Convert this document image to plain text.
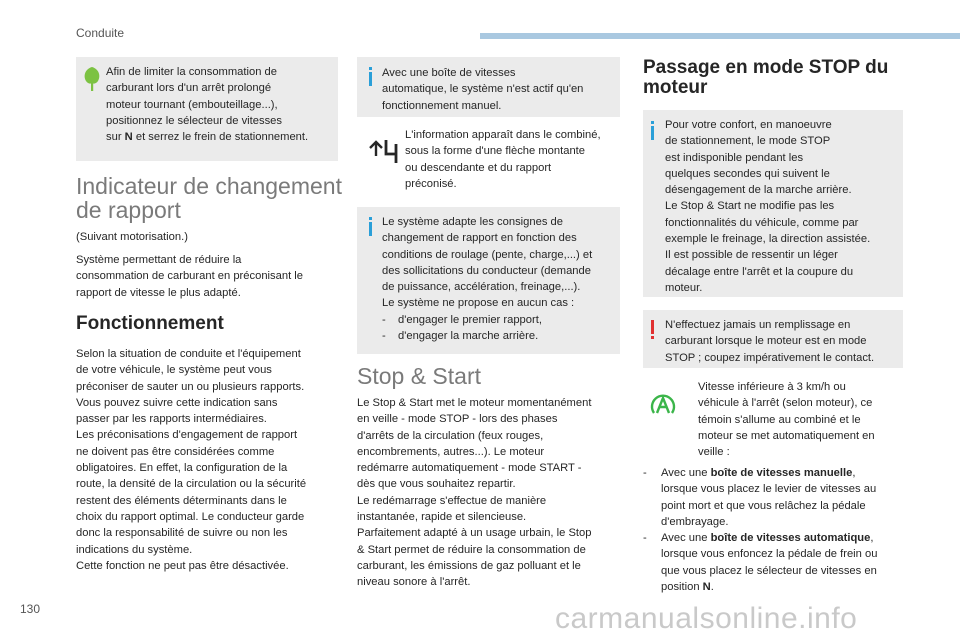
Conduite
Afin de limiter la consommation de
carburant lors d'un arrêt prolongé
moteur tournant (embouteillage...),
positionnez le sélecteur de vitesses
sur N et serrez le frein de stationnement.
Indicateur de changement
de rapport
(Suivant motorisation.)
Système permettant de réduire la
consommation de carburant en préconisant le
rapport de vitesse le plus adapté.
Fonctionnement
Selon la situation de conduite et l'équipement
de votre véhicule, le système peut vous
préconiser de sauter un ou plusieurs rapports.
Vous pouvez suivre cette indication sans
passer par les rapports intermédiaires.
Les préconisations d'engagement de rapport
ne doivent pas être considérées comme
obligatoires. En effet, la configuration de la
route, la densité de la circulation ou la sécurité
restent des éléments déterminants dans le
choix du rapport optimal. Le conducteur garde
donc la responsabilité de suivre ou non les
indications du système.
Cette fonction ne peut pas être désactivée.
Avec une boîte de vitesses
automatique, le système n'est actif qu'en
fonctionnement manuel.
L'information apparaît dans le combiné,
sous la forme d'une flèche montante
ou descendante et du rapport
préconisé.
Le système adapte les consignes de
changement de rapport en fonction des
conditions de roulage (pente, charge,...) et
des sollicitations du conducteur (demande
de puissance, accélération, freinage,...).
Le système ne propose en aucun cas :
- d'engager le premier rapport,
- d'engager la marche arrière.
Stop & Start
Le Stop & Start met le moteur momentanément
en veille - mode STOP - lors des phases
d'arrêts de la circulation (feux rouges,
encombrements, autres...). Le moteur
redémarre automatiquement - mode START -
dès que vous souhaitez repartir.
Le redémarrage s'effectue de manière
instantanée, rapide et silencieuse.
Parfaitement adapté à un usage urbain, le Stop
& Start permet de réduire la consommation de
carburant, les émissions de gaz polluant et le
niveau sonore à l'arrêt.
Passage en mode STOP du
moteur
Pour votre confort, en manoeuvre
de stationnement, le mode STOP
est indisponible pendant les
quelques secondes qui suivent le
désengagement de la marche arrière.
Le Stop & Start ne modifie pas les
fonctionnalités du véhicule, comme par
exemple le freinage, la direction assistée.
Il est possible de ressentir un léger
décalage entre l'arrêt et la coupure du
moteur.
N'effectuez jamais un remplissage en
carburant lorsque le moteur est en mode
STOP ; coupez impérativement le contact.
Vitesse inférieure à 3 km/h ou
véhicule à l'arrêt (selon moteur), ce
témoin s'allume au combiné et le
moteur se met automatiquement en
veille :
- Avec une boîte de vitesses manuelle,
lorsque vous placez le levier de vitesses au
point mort et que vous relâchez la pédale
d'embrayage.
- Avec une boîte de vitesses automatique,
lorsque vous enfoncez la pédale de frein ou
que vous placez le sélecteur de vitesses en
position N.
130	carmanualsonline.info
